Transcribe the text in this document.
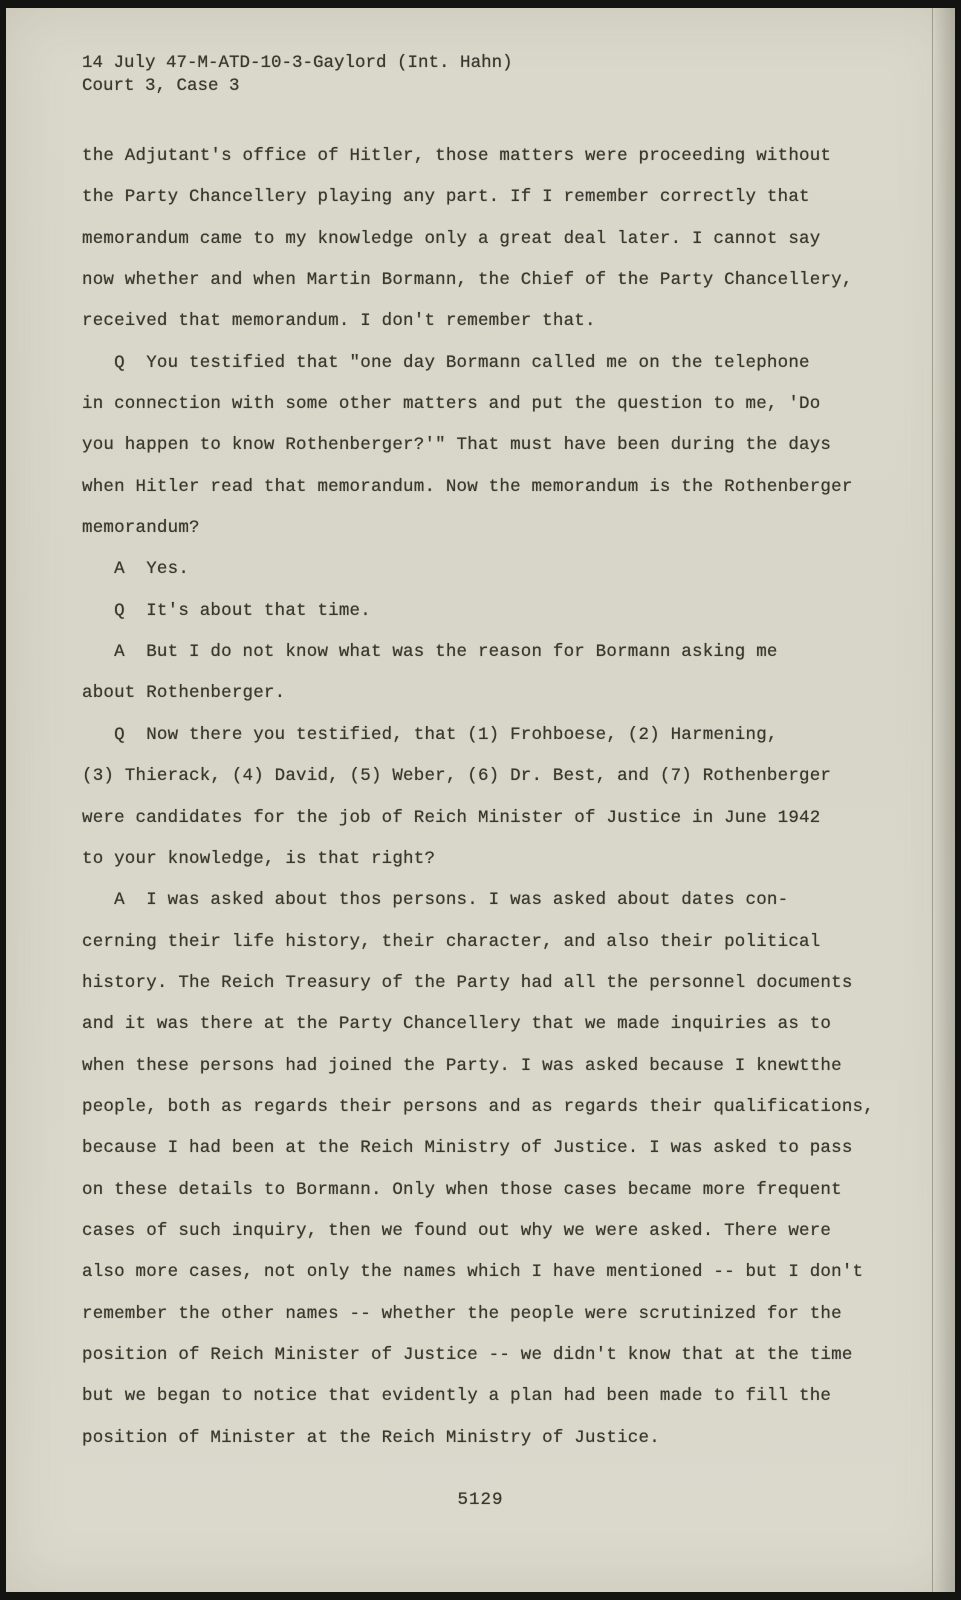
14 July 47-M-ATD-10-3-Gaylord (Int. Hahn)
Court 3, Case 3
the Adjutant's office of Hitler, those matters were proceeding without
the Party Chancellery playing any part. If I remember correctly that
memorandum came to my knowledge only a great deal later. I cannot say
now whether and when Martin Bormann, the Chief of the Party Chancellery,
received that memorandum. I don't remember that.
Q  You testified that "one day Bormann called me on the telephone
in connection with some other matters and put the question to me, 'Do
you happen to know Rothenberger?'" That must have been during the days
when Hitler read that memorandum. Now the memorandum is the Rothenberger
memorandum?
A  Yes.
Q  It's about that time.
A  But I do not know what was the reason for Bormann asking me
about Rothenberger.
Q  Now there you testified, that (1) Frohboese, (2) Harmening,
(3) Thierack, (4) David, (5) Weber, (6) Dr. Best, and (7) Rothenberger
were candidates for the job of Reich Minister of Justice in June 1942
to your knowledge, is that right?
A  I was asked about thos persons. I was asked about dates con-
cerning their life history, their character, and also their political
history. The Reich Treasury of the Party had all the personnel documents
and it was there at the Party Chancellery that we made inquiries as to
when these persons had joined the Party. I was asked because I knewtthe
people, both as regards their persons and as regards their qualifications,
because I had been at the Reich Ministry of Justice. I was asked to pass
on these details to Bormann. Only when those cases became more frequent
cases of such inquiry, then we found out why we were asked. There were
also more cases, not only the names which I have mentioned -- but I don't
remember the other names -- whether the people were scrutinized for the
position of Reich Minister of Justice -- we didn't know that at the time
but we began to notice that evidently a plan had been made to fill the
position of Minister at the Reich Ministry of Justice.
5129
